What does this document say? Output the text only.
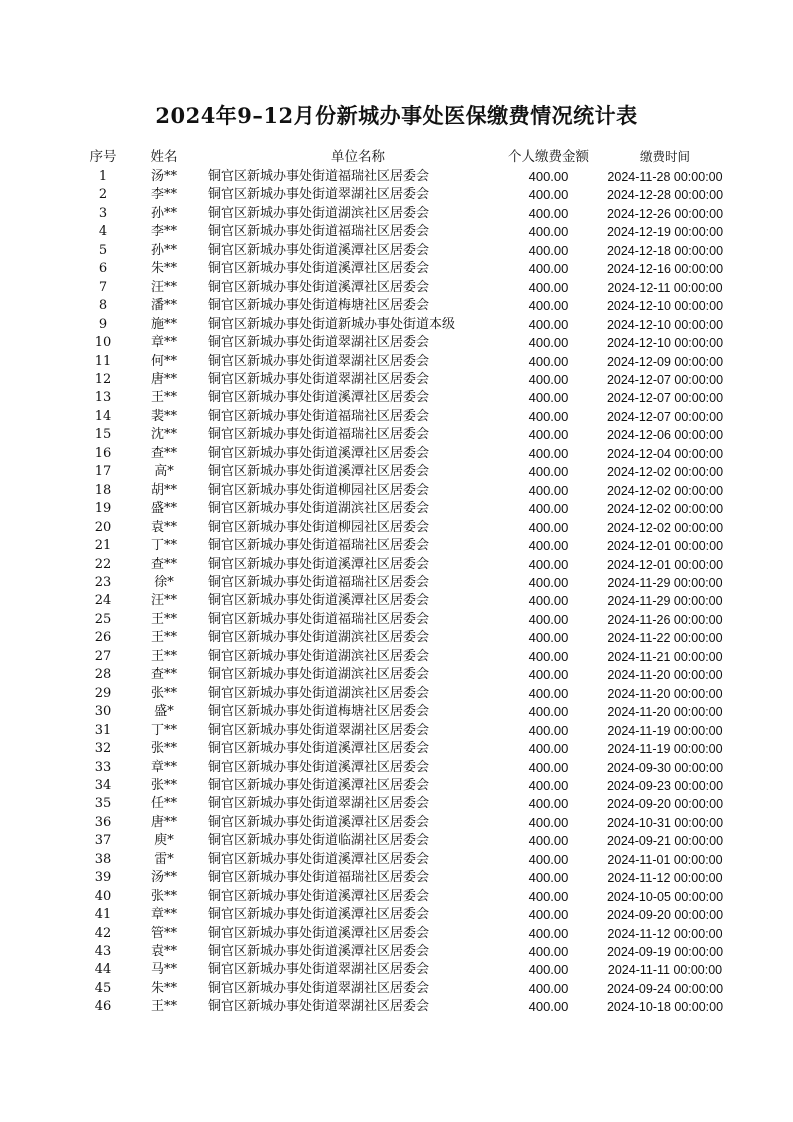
2024年9–12月份新城办事处医保缴费情况统计表
序号	姓名	单位名称	个人缴费金额	缴费时间
1	汤**	铜官区新城办事处街道福瑞社区居委会	400.00	2024-11-28 00:00:00
2	李**	铜官区新城办事处街道翠湖社区居委会	400.00	2024-12-28 00:00:00
3	孙**	铜官区新城办事处街道湖滨社区居委会	400.00	2024-12-26 00:00:00
4	李**	铜官区新城办事处街道福瑞社区居委会	400.00	2024-12-19 00:00:00
5	孙**	铜官区新城办事处街道溪潭社区居委会	400.00	2024-12-18 00:00:00
6	朱**	铜官区新城办事处街道溪潭社区居委会	400.00	2024-12-16 00:00:00
7	汪**	铜官区新城办事处街道溪潭社区居委会	400.00	2024-12-11 00:00:00
8	潘**	铜官区新城办事处街道梅塘社区居委会	400.00	2024-12-10 00:00:00
9	施**	铜官区新城办事处街道新城办事处街道本级	400.00	2024-12-10 00:00:00
10	章**	铜官区新城办事处街道翠湖社区居委会	400.00	2024-12-10 00:00:00
11	何**	铜官区新城办事处街道翠湖社区居委会	400.00	2024-12-09 00:00:00
12	唐**	铜官区新城办事处街道翠湖社区居委会	400.00	2024-12-07 00:00:00
13	王**	铜官区新城办事处街道溪潭社区居委会	400.00	2024-12-07 00:00:00
14	裴**	铜官区新城办事处街道福瑞社区居委会	400.00	2024-12-07 00:00:00
15	沈**	铜官区新城办事处街道福瑞社区居委会	400.00	2024-12-06 00:00:00
16	查**	铜官区新城办事处街道溪潭社区居委会	400.00	2024-12-04 00:00:00
17	高*	铜官区新城办事处街道溪潭社区居委会	400.00	2024-12-02 00:00:00
18	胡**	铜官区新城办事处街道柳园社区居委会	400.00	2024-12-02 00:00:00
19	盛**	铜官区新城办事处街道湖滨社区居委会	400.00	2024-12-02 00:00:00
20	袁**	铜官区新城办事处街道柳园社区居委会	400.00	2024-12-02 00:00:00
21	丁**	铜官区新城办事处街道福瑞社区居委会	400.00	2024-12-01 00:00:00
22	查**	铜官区新城办事处街道溪潭社区居委会	400.00	2024-12-01 00:00:00
23	徐*	铜官区新城办事处街道福瑞社区居委会	400.00	2024-11-29 00:00:00
24	汪**	铜官区新城办事处街道溪潭社区居委会	400.00	2024-11-29 00:00:00
25	王**	铜官区新城办事处街道福瑞社区居委会	400.00	2024-11-26 00:00:00
26	王**	铜官区新城办事处街道湖滨社区居委会	400.00	2024-11-22 00:00:00
27	王**	铜官区新城办事处街道湖滨社区居委会	400.00	2024-11-21 00:00:00
28	查**	铜官区新城办事处街道湖滨社区居委会	400.00	2024-11-20 00:00:00
29	张**	铜官区新城办事处街道湖滨社区居委会	400.00	2024-11-20 00:00:00
30	盛*	铜官区新城办事处街道梅塘社区居委会	400.00	2024-11-20 00:00:00
31	丁**	铜官区新城办事处街道翠湖社区居委会	400.00	2024-11-19 00:00:00
32	张**	铜官区新城办事处街道溪潭社区居委会	400.00	2024-11-19 00:00:00
33	章**	铜官区新城办事处街道溪潭社区居委会	400.00	2024-09-30 00:00:00
34	张**	铜官区新城办事处街道溪潭社区居委会	400.00	2024-09-23 00:00:00
35	任**	铜官区新城办事处街道翠湖社区居委会	400.00	2024-09-20 00:00:00
36	唐**	铜官区新城办事处街道溪潭社区居委会	400.00	2024-10-31 00:00:00
37	庾*	铜官区新城办事处街道临湖社区居委会	400.00	2024-09-21 00:00:00
38	雷*	铜官区新城办事处街道溪潭社区居委会	400.00	2024-11-01 00:00:00
39	汤**	铜官区新城办事处街道福瑞社区居委会	400.00	2024-11-12 00:00:00
40	张**	铜官区新城办事处街道溪潭社区居委会	400.00	2024-10-05 00:00:00
41	章**	铜官区新城办事处街道溪潭社区居委会	400.00	2024-09-20 00:00:00
42	管**	铜官区新城办事处街道溪潭社区居委会	400.00	2024-11-12 00:00:00
43	袁**	铜官区新城办事处街道溪潭社区居委会	400.00	2024-09-19 00:00:00
44	马**	铜官区新城办事处街道翠湖社区居委会	400.00	2024-11-11 00:00:00
45	朱**	铜官区新城办事处街道翠湖社区居委会	400.00	2024-09-24 00:00:00
46	王**	铜官区新城办事处街道翠湖社区居委会	400.00	2024-10-18 00:00:00
